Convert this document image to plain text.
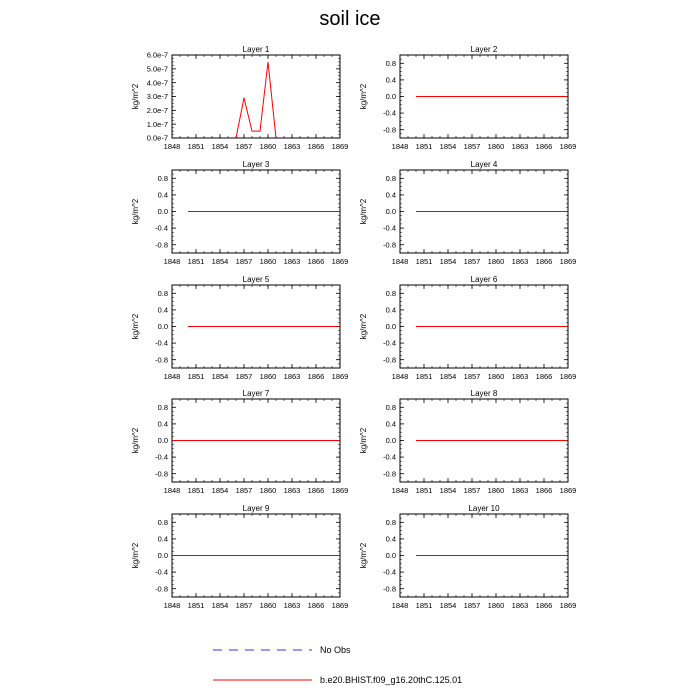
soil ice
Layer 1
1848 1851 1854 1857 1860 1863 1866 1869
0.0e-7
1.0e-7
2.0e-7
3.0e-7
4.0e-7
5.0e-7
6.0e-7
kg/m^2
Layer 2
1848 1851 1854 1857 1860 1863 1866 1869
-0.8
-0.4
0.0
0.4
0.8
kg/m^2
Layer 3
1848 1851 1854 1857 1860 1863 1866 1869
-0.8
-0.4
0.0
0.4
0.8
kg/m^2
Layer 4
1848 1851 1854 1857 1860 1863 1866 1869
-0.8
-0.4
0.0
0.4
0.8
kg/m^2
Layer 5
1848 1851 1854 1857 1860 1863 1866 1869
-0.8
-0.4
0.0
0.4
0.8
kg/m^2
Layer 6
1848 1851 1854 1857 1860 1863 1866 1869
-0.8
-0.4
0.0
0.4
0.8
kg/m^2
Layer 7
1848 1851 1854 1857 1860 1863 1866 1869
-0.8
-0.4
0.0
0.4
0.8
kg/m^2
Layer 8
1848 1851 1854 1857 1860 1863 1866 1869
-0.8
-0.4
0.0
0.4
0.8
kg/m^2
Layer 9
1848 1851 1854 1857 1860 1863 1866 1869
-0.8
-0.4
0.0
0.4
0.8
kg/m^2
Layer 10
1848 1851 1854 1857 1860 1863 1866 1869
-0.8
-0.4
0.0
0.4
0.8
kg/m^2
No Obs
b.e20.BHIST.f09_g16.20thC.125.01
